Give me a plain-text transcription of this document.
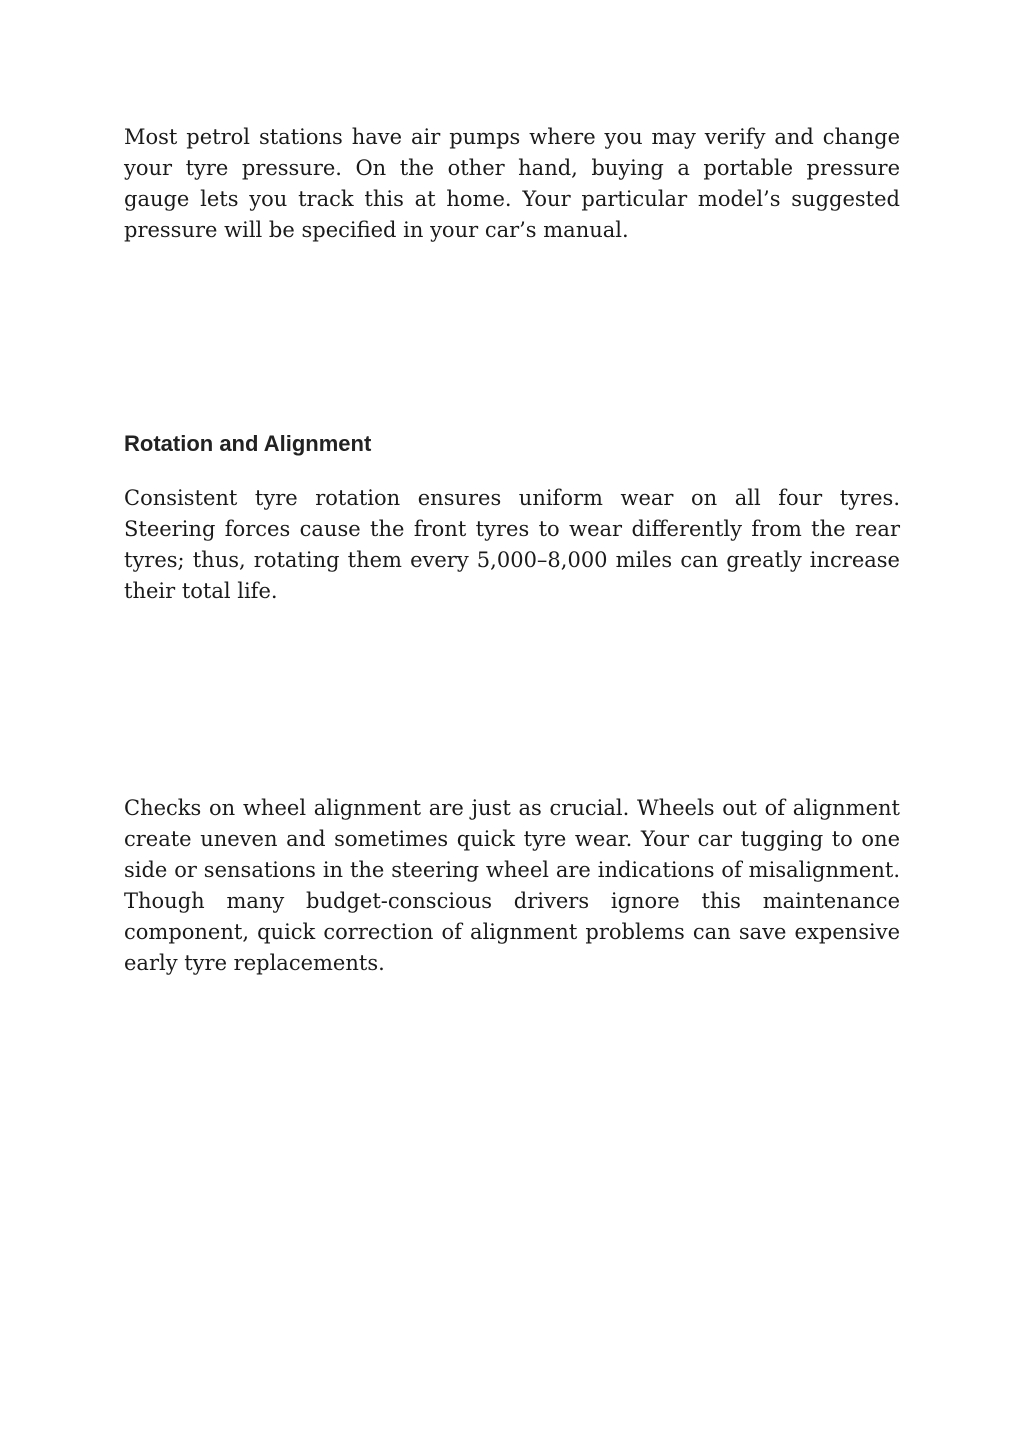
Most petrol stations have air pumps where you may verify and change your tyre pressure. On the other hand, buying a portable pressure gauge lets you track this at home. Your particular model’s suggested pressure will be specified in your car’s manual.

Rotation and Alignment

Consistent tyre rotation ensures uniform wear on all four tyres. Steering forces cause the front tyres to wear differently from the rear tyres; thus, rotating them every 5,000–8,000 miles can greatly increase their total life.

Checks on wheel alignment are just as crucial. Wheels out of alignment create uneven and sometimes quick tyre wear. Your car tugging to one side or sensations in the steering wheel are indications of misalignment. Though many budget-conscious drivers ignore this maintenance component, quick correction of alignment problems can save expensive early tyre replacements.
